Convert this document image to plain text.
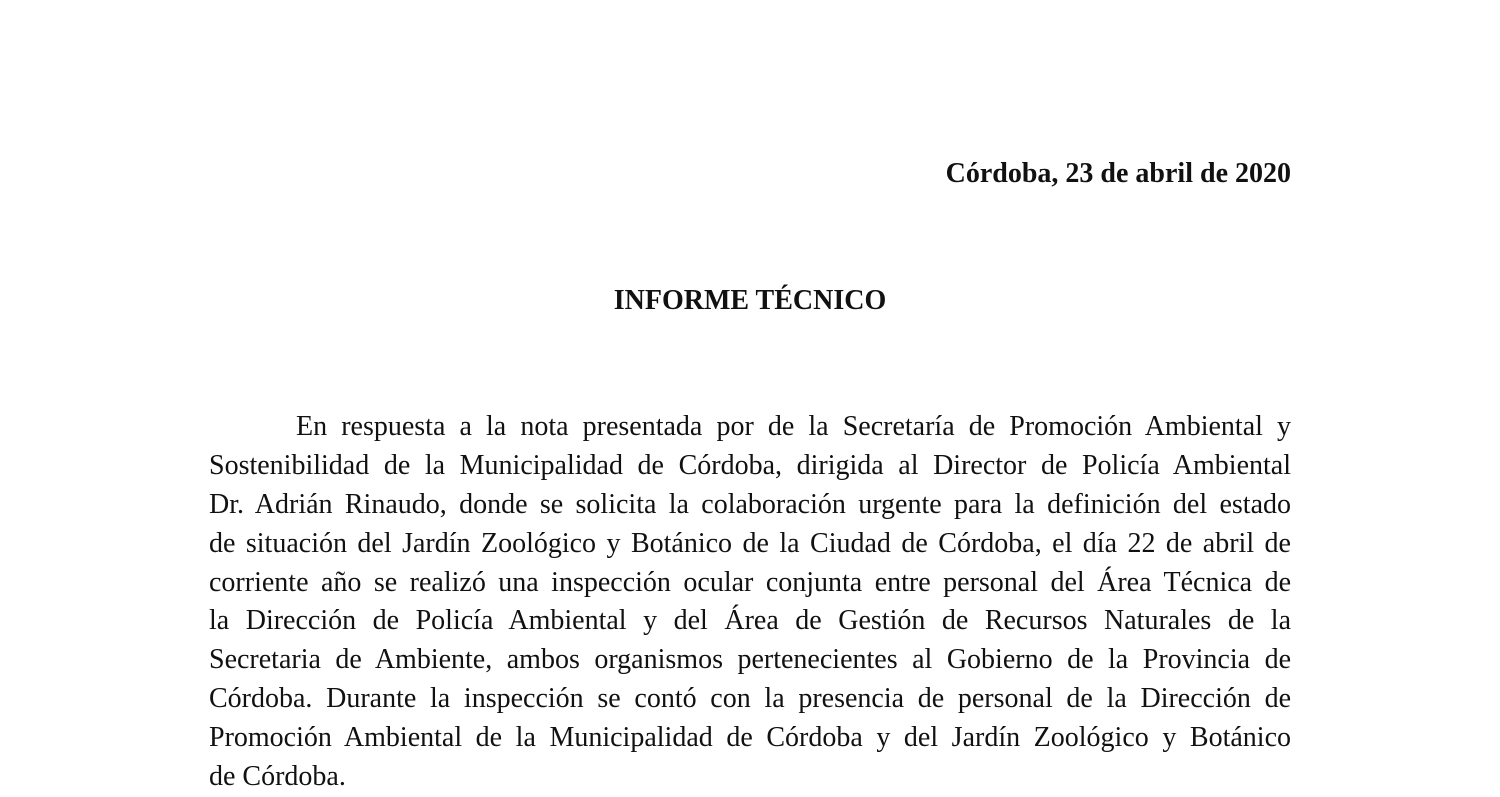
Córdoba, 23 de abril de 2020
INFORME TÉCNICO
En respuesta a la nota presentada por de la Secretaría de Promoción Ambiental y
Sostenibilidad de la Municipalidad de Córdoba, dirigida al Director de Policía Ambiental
Dr. Adrián Rinaudo, donde se solicita la colaboración urgente para la definición del estado
de situación del Jardín Zoológico y Botánico de la Ciudad de Córdoba, el día 22 de abril de
corriente año se realizó una inspección ocular conjunta entre personal del Área Técnica de
la Dirección de Policía Ambiental y del Área de Gestión de Recursos Naturales de la
Secretaria de Ambiente, ambos organismos pertenecientes al Gobierno de la Provincia de
Córdoba. Durante la inspección se contó con la presencia de personal de la Dirección de
Promoción Ambiental de la Municipalidad de Córdoba y del Jardín Zoológico y Botánico
de Córdoba.
